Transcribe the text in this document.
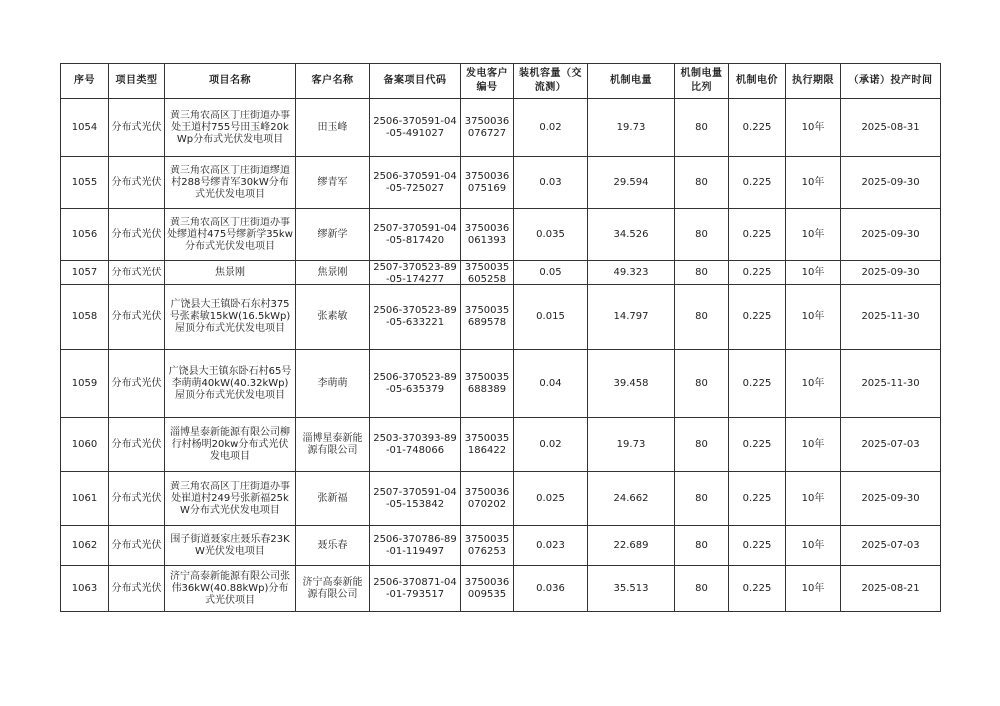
序号	项目类型	项目名称	客户名称	备案项目代码	发电客户编号	装机容量（交流测）	机制电量	机制电量比列	机制电价	执行期限	（承诺）投产时间
1054	分布式光伏	黄三角农高区丁庄街道办事处王道村755号田玉峰20kWp分布式光伏发电项目	田玉峰	2506-370591-04-05-491027	3750036076727	0.02	19.73	80	0.225	10年	2025-08-31
1055	分布式光伏	黄三角农高区丁庄街道缪道村288号缪青军30kW分布式光伏发电项目	缪青军	2506-370591-04-05-725027	3750036075169	0.03	29.594	80	0.225	10年	2025-09-30
1056	分布式光伏	黄三角农高区丁庄街道办事处缪道村475号缪新学35kw分布式光伏发电项目	缪新学	2507-370591-04-05-817420	3750036061393	0.035	34.526	80	0.225	10年	2025-09-30
1057	分布式光伏	焦景刚	焦景刚	2507-370523-89-05-174277	3750035605258	0.05	49.323	80	0.225	10年	2025-09-30
1058	分布式光伏	广饶县大王镇卧石东村375号张素敏15kW(16.5kWp)屋顶分布式光伏发电项目	张素敏	2506-370523-89-05-633221	3750035689578	0.015	14.797	80	0.225	10年	2025-11-30
1059	分布式光伏	广饶县大王镇东卧石村65号李萌萌40kW(40.32kWp)屋顶分布式光伏发电项目	李萌萌	2506-370523-89-05-635379	3750035688389	0.04	39.458	80	0.225	10年	2025-11-30
1060	分布式光伏	淄博星泰新能源有限公司柳行村杨明20kw分布式光伏发电项目	淄博星泰新能源有限公司	2503-370393-89-01-748066	3750035186422	0.02	19.73	80	0.225	10年	2025-07-03
1061	分布式光伏	黄三角农高区丁庄街道办事处崔道村249号张新福25kW分布式光伏发电项目	张新福	2507-370591-04-05-153842	3750036070202	0.025	24.662	80	0.225	10年	2025-09-30
1062	分布式光伏	围子街道聂家庄聂乐春23KW光伏发电项目	聂乐春	2506-370786-89-01-119497	3750035076253	0.023	22.689	80	0.225	10年	2025-07-03
1063	分布式光伏	济宁高泰新能源有限公司张伟36kW(40.88kWp)分布式光伏项目	济宁高泰新能源有限公司	2506-370871-04-01-793517	3750036009535	0.036	35.513	80	0.225	10年	2025-08-21
